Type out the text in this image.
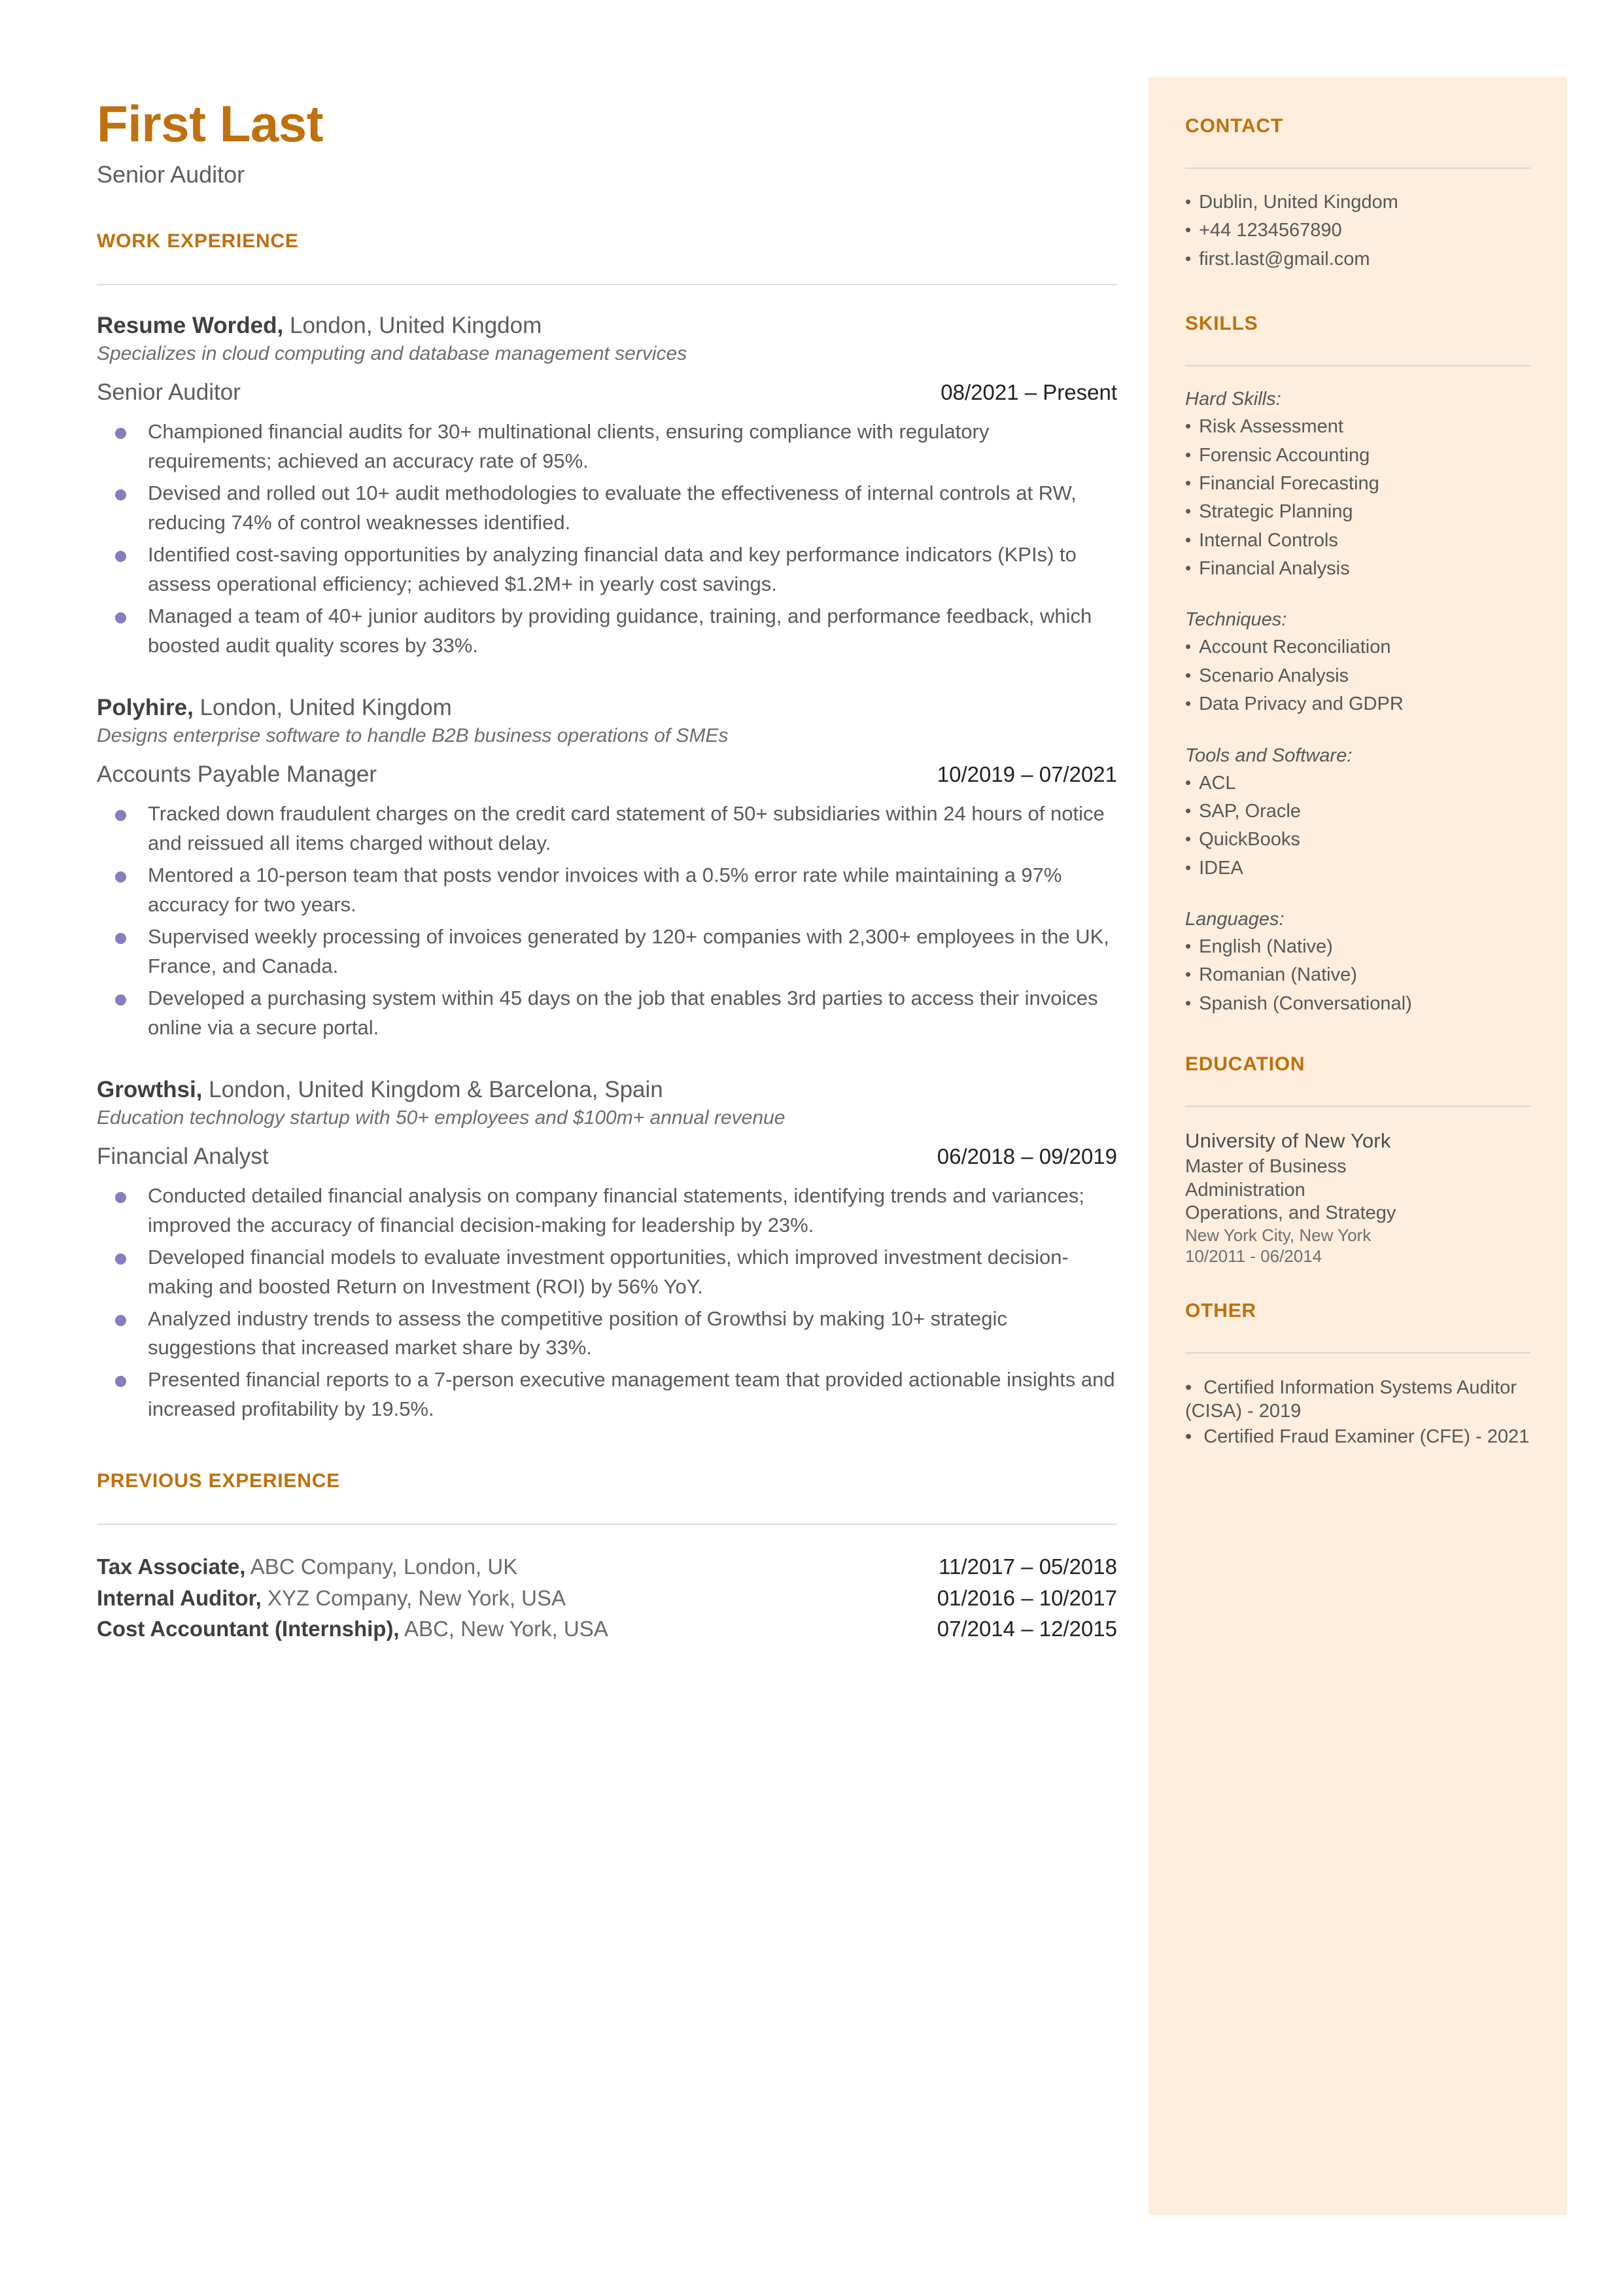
First Last
Senior Auditor
WORK EXPERIENCE
Resume Worded, London, United Kingdom
Specializes in cloud computing and database management services
Senior Auditor	08/2021 – Present
Championed financial audits for 30+ multinational clients, ensuring compliance with regulatory requirements; achieved an accuracy rate of 95%.
Devised and rolled out 10+ audit methodologies to evaluate the effectiveness of internal controls at RW, reducing 74% of control weaknesses identified.
Identified cost-saving opportunities by analyzing financial data and key performance indicators (KPIs) to assess operational efficiency; achieved $1.2M+ in yearly cost savings.
Managed a team of 40+ junior auditors by providing guidance, training, and performance feedback, which boosted audit quality scores by 33%.
Polyhire, London, United Kingdom
Designs enterprise software to handle B2B business operations of SMEs
Accounts Payable Manager	10/2019 – 07/2021
Tracked down fraudulent charges on the credit card statement of 50+ subsidiaries within 24 hours of notice and reissued all items charged without delay.
Mentored a 10-person team that posts vendor invoices with a 0.5% error rate while maintaining a 97% accuracy for two years.
Supervised weekly processing of invoices generated by 120+ companies with 2,300+ employees in the UK, France, and Canada.
Developed a purchasing system within 45 days on the job that enables 3rd parties to access their invoices online via a secure portal.
Growthsi, London, United Kingdom & Barcelona, Spain
Education technology startup with 50+ employees and $100m+ annual revenue
Financial Analyst	06/2018 – 09/2019
Conducted detailed financial analysis on company financial statements, identifying trends and variances; improved the accuracy of financial decision-making for leadership by 23%.
Developed financial models to evaluate investment opportunities, which improved investment decision-making and boosted Return on Investment (ROI) by 56% YoY.
Analyzed industry trends to assess the competitive position of Growthsi by making 10+ strategic suggestions that increased market share by 33%.
Presented financial reports to a 7-person executive management team that provided actionable insights and increased profitability by 19.5%.
PREVIOUS EXPERIENCE
Tax Associate, ABC Company, London, UK	11/2017 – 05/2018
Internal Auditor, XYZ Company, New York, USA	01/2016 – 10/2017
Cost Accountant (Internship), ABC, New York, USA	07/2014 – 12/2015
CONTACT
• Dublin, United Kingdom
• +44 1234567890
• first.last@gmail.com
SKILLS
Hard Skills:
• Risk Assessment
• Forensic Accounting
• Financial Forecasting
• Strategic Planning
• Internal Controls
• Financial Analysis
Techniques:
• Account Reconciliation
• Scenario Analysis
• Data Privacy and GDPR
Tools and Software:
• ACL
• SAP, Oracle
• QuickBooks
• IDEA
Languages:
• English (Native)
• Romanian (Native)
• Spanish (Conversational)
EDUCATION
University of New York
Master of Business
Administration
Operations, and Strategy
New York City, New York
10/2011 - 06/2014
OTHER
• Certified Information Systems Auditor (CISA) - 2019
• Certified Fraud Examiner (CFE) - 2021
